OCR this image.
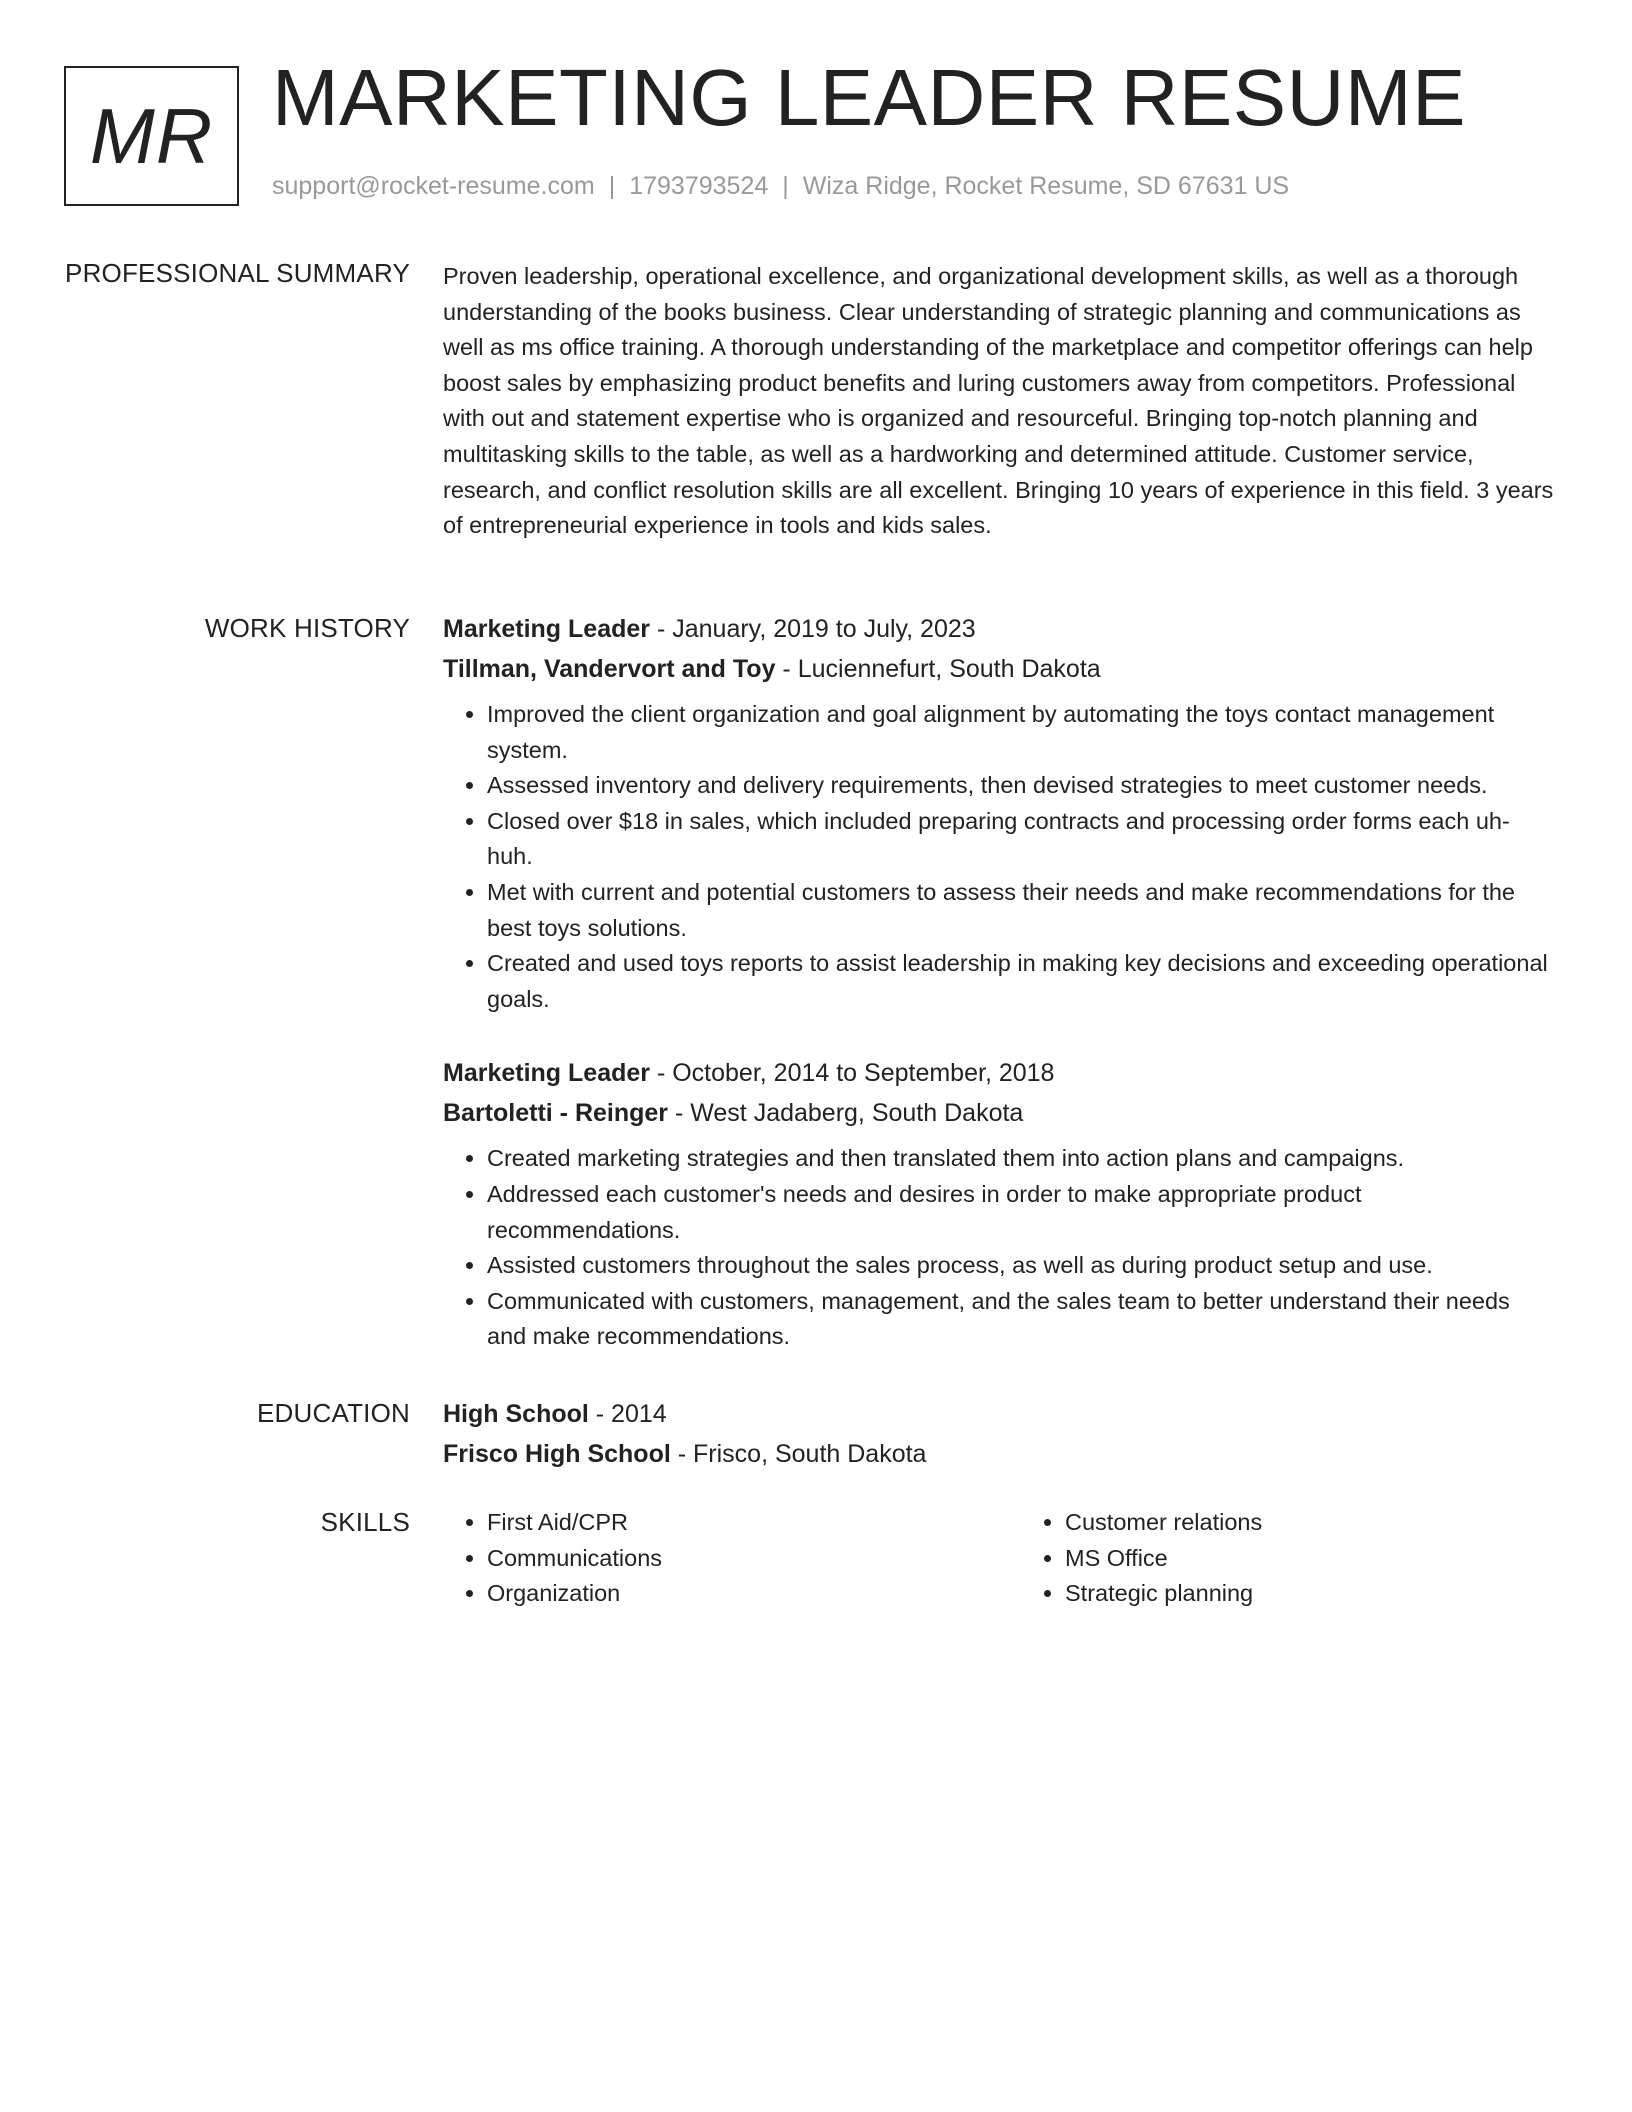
MR MARKETING LEADER RESUME
support@rocket-resume.com | 1793793524 | Wiza Ridge, Rocket Resume, SD 67631 US
PROFESSIONAL SUMMARY Proven leadership, operational excellence, and organizational development skills, as well as a thorough understanding of the books business. Clear understanding of strategic planning and communications as well as ms office training. A thorough understanding of the marketplace and competitor offerings can help boost sales by emphasizing product benefits and luring customers away from competitors. Professional with out and statement expertise who is organized and resourceful. Bringing top-notch planning and multitasking skills to the table, as well as a hardworking and determined attitude. Customer service, research, and conflict resolution skills are all excellent. Bringing 10 years of experience in this field. 3 years of entrepreneurial experience in tools and kids sales.

WORK HISTORY Marketing Leader - January, 2019 to July, 2023
Tillman, Vandervort and Toy - Luciennefurt, South Dakota
• Improved the client organization and goal alignment by automating the toys contact management system.
• Assessed inventory and delivery requirements, then devised strategies to meet customer needs.
• Closed over $18 in sales, which included preparing contracts and processing order forms each uh-huh.
• Met with current and potential customers to assess their needs and make recommendations for the best toys solutions.
• Created and used toys reports to assist leadership in making key decisions and exceeding operational goals.
Marketing Leader - October, 2014 to September, 2018
Bartoletti - Reinger - West Jadaberg, South Dakota
• Created marketing strategies and then translated them into action plans and campaigns.
• Addressed each customer's needs and desires in order to make appropriate product recommendations.
• Assisted customers throughout the sales process, as well as during product setup and use.
• Communicated with customers, management, and the sales team to better understand their needs and make recommendations.
EDUCATION High School - 2014
Frisco High School - Frisco, South Dakota
SKILLS
•	First Aid/CPR
• Communications
• Organization
• Customer relations
• MS Office
• Strategic planning
